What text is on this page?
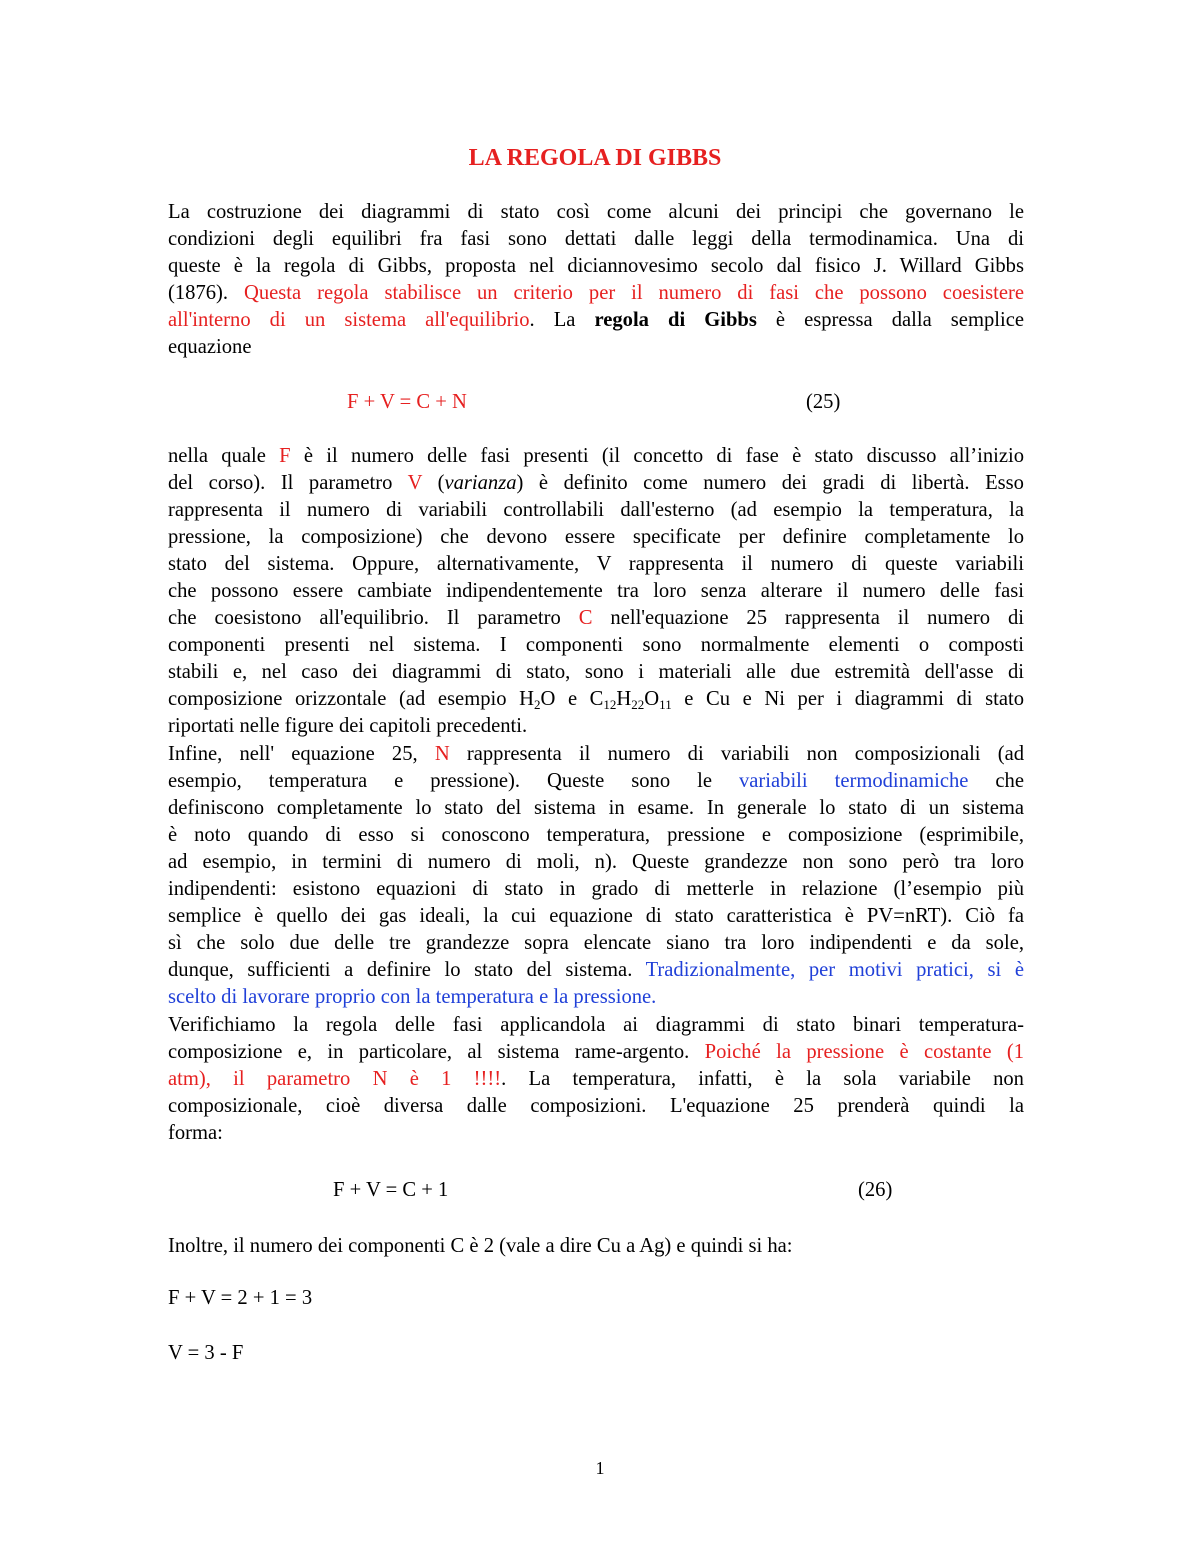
LA REGOLA DI GIBBS
La costruzione dei diagrammi di stato così come alcuni dei principi che governano le
condizioni degli equilibri fra fasi sono dettati dalle leggi della termodinamica. Una di
queste è la regola di Gibbs, proposta nel diciannovesimo secolo dal fisico J. Willard Gibbs
(1876). Questa regola stabilisce un criterio per il numero di fasi che possono coesistere
all'interno di un sistema all'equilibrio. La regola di Gibbs è espressa dalla semplice
equazione
F + V = C + N	(25)
nella quale F è il numero delle fasi presenti (il concetto di fase è stato discusso all’inizio
del corso). Il parametro V (varianza) è definito come numero dei gradi di libertà. Esso
rappresenta il numero di variabili controllabili dall'esterno (ad esempio la temperatura, la
pressione, la composizione) che devono essere specificate per definire completamente lo
stato del sistema. Oppure, alternativamente, V rappresenta il numero di queste variabili
che possono essere cambiate indipendentemente tra loro senza alterare il numero delle fasi
che coesistono all'equilibrio. Il parametro C nell'equazione 25 rappresenta il numero di
componenti presenti nel sistema. I componenti sono normalmente elementi o composti
stabili e, nel caso dei diagrammi di stato, sono i materiali alle due estremità dell'asse di
composizione orizzontale (ad esempio $H_2O$ e $C_{12}H_{22}O_{11}$ e Cu e Ni per i diagrammi di stato
riportati nelle figure dei capitoli precedenti.
Infine, nell' equazione 25, N rappresenta il numero di variabili non composizionali (ad
esempio, temperatura e pressione). Queste sono le variabili termodinamiche che
definiscono completamente lo stato del sistema in esame. In generale lo stato di un sistema
è noto quando di esso si conoscono temperatura, pressione e composizione (esprimibile,
ad esempio, in termini di numero di moli, n). Queste grandezze non sono però tra loro
indipendenti: esistono equazioni di stato in grado di metterle in relazione (l’esempio più
semplice è quello dei gas ideali, la cui equazione di stato caratteristica è PV=nRT). Ciò fa
sì che solo due delle tre grandezze sopra elencate siano tra loro indipendenti e da sole,
dunque, sufficienti a definire lo stato del sistema. Tradizionalmente, per motivi pratici, si è
scelto di lavorare proprio con la temperatura e la pressione.
Verifichiamo la regola delle fasi applicandola ai diagrammi di stato binari temperatura-
composizione e, in particolare, al sistema rame-argento. Poiché la pressione è costante (1
atm), il parametro N è 1 !!!!. La temperatura, infatti, è la sola variabile non
composizionale, cioè diversa dalle composizioni. L'equazione 25 prenderà quindi la
forma:
F + V = C + 1	(26)
Inoltre, il numero dei componenti C è 2 (vale a dire Cu a Ag) e quindi si ha:
F + V = 2 + 1 = 3
V = 3 - F
1
